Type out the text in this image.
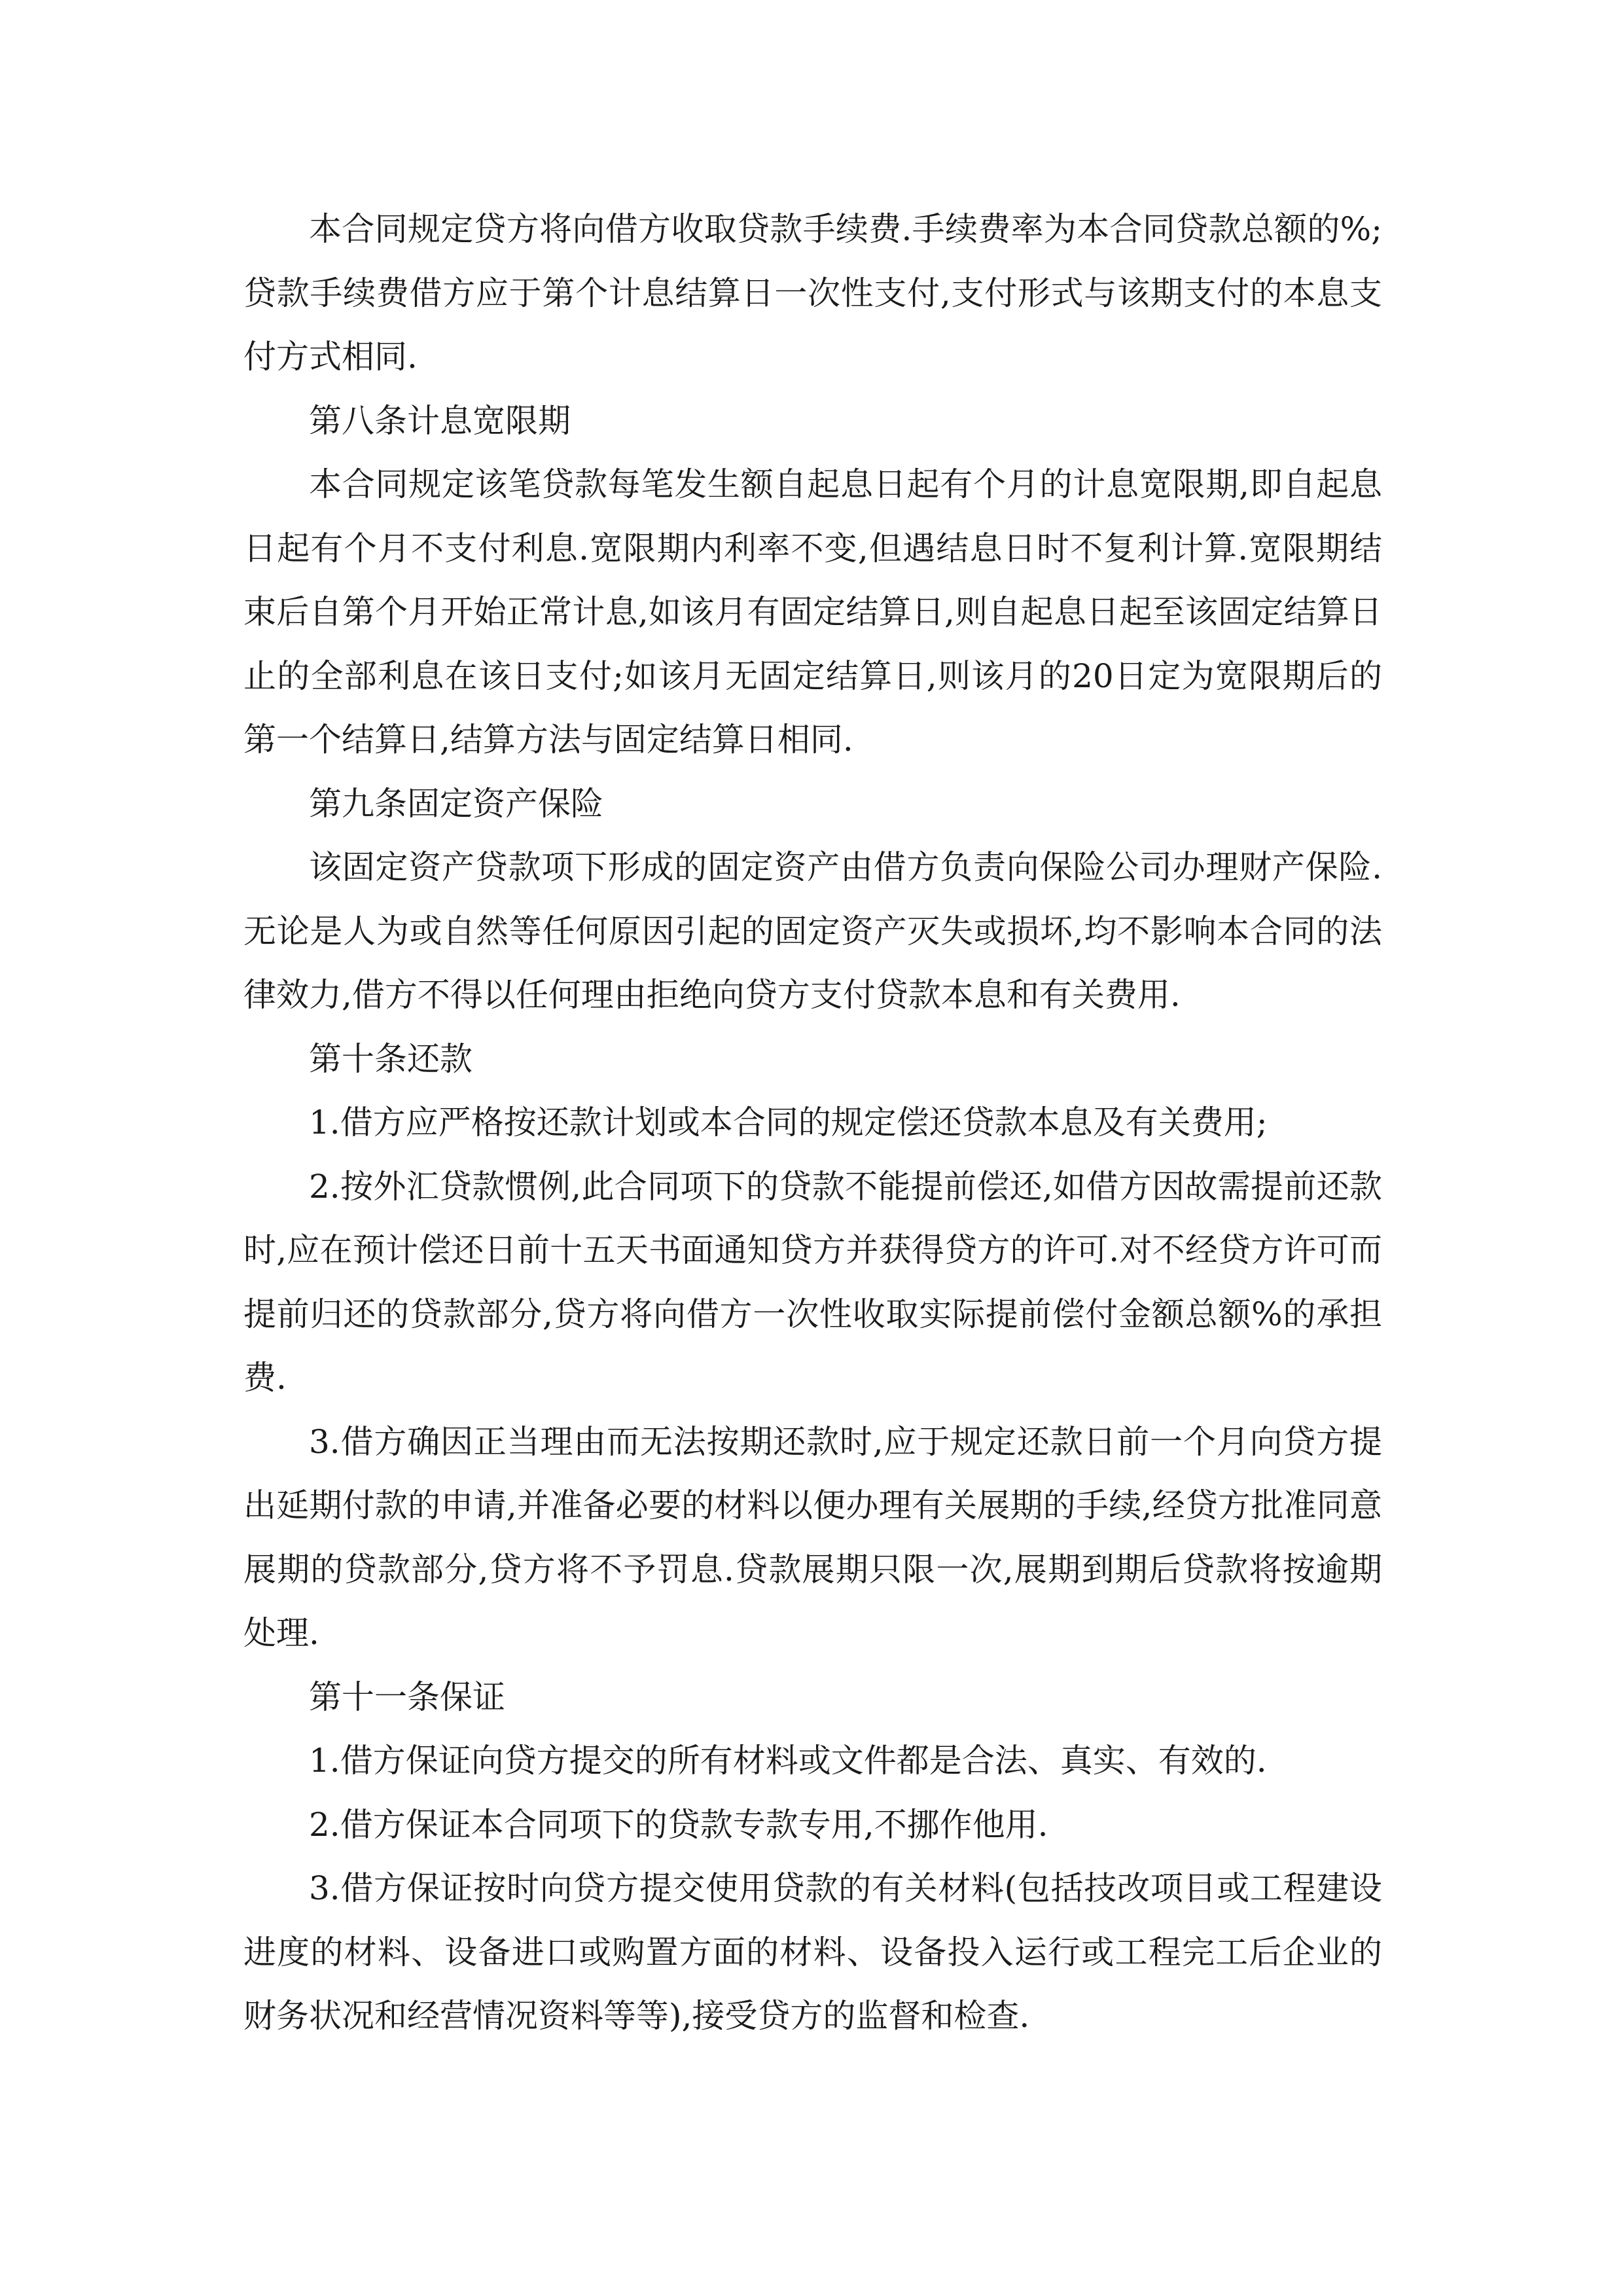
本合同规定贷方将向借方收取贷款手续费.手续费率为本合同贷款总额的%;贷款手续费借方应于第个计息结算日一次性支付,支付形式与该期支付的本息支付方式相同.

第八条计息宽限期

本合同规定该笔贷款每笔发生额自起息日起有个月的计息宽限期,即自起息日起有个月不支付利息.宽限期内利率不变,但遇结息日时不复利计算.宽限期结束后自第个月开始正常计息,如该月有固定结算日,则自起息日起至该固定结算日止的全部利息在该日支付;如该月无固定结算日,则该月的20日定为宽限期后的第一个结算日,结算方法与固定结算日相同.

第九条固定资产保险

该固定资产贷款项下形成的固定资产由借方负责向保险公司办理财产保险.无论是人为或自然等任何原因引起的固定资产灭失或损坏,均不影响本合同的法律效力,借方不得以任何理由拒绝向贷方支付贷款本息和有关费用.

第十条还款

1.借方应严格按还款计划或本合同的规定偿还贷款本息及有关费用;

2.按外汇贷款惯例,此合同项下的贷款不能提前偿还,如借方因故需提前还款时,应在预计偿还日前十五天书面通知贷方并获得贷方的许可.对不经贷方许可而提前归还的贷款部分,贷方将向借方一次性收取实际提前偿付金额总额%的承担费.

3.借方确因正当理由而无法按期还款时,应于规定还款日前一个月向贷方提出延期付款的申请,并准备必要的材料以便办理有关展期的手续,经贷方批准同意展期的贷款部分,贷方将不予罚息.贷款展期只限一次,展期到期后贷款将按逾期处理.

第十一条保证

1.借方保证向贷方提交的所有材料或文件都是合法、真实、有效的.

2.借方保证本合同项下的贷款专款专用,不挪作他用.

3.借方保证按时向贷方提交使用贷款的有关材料(包括技改项目或工程建设进度的材料、设备进口或购置方面的材料、设备投入运行或工程完工后企业的财务状况和经营情况资料等等),接受贷方的监督和检查.
